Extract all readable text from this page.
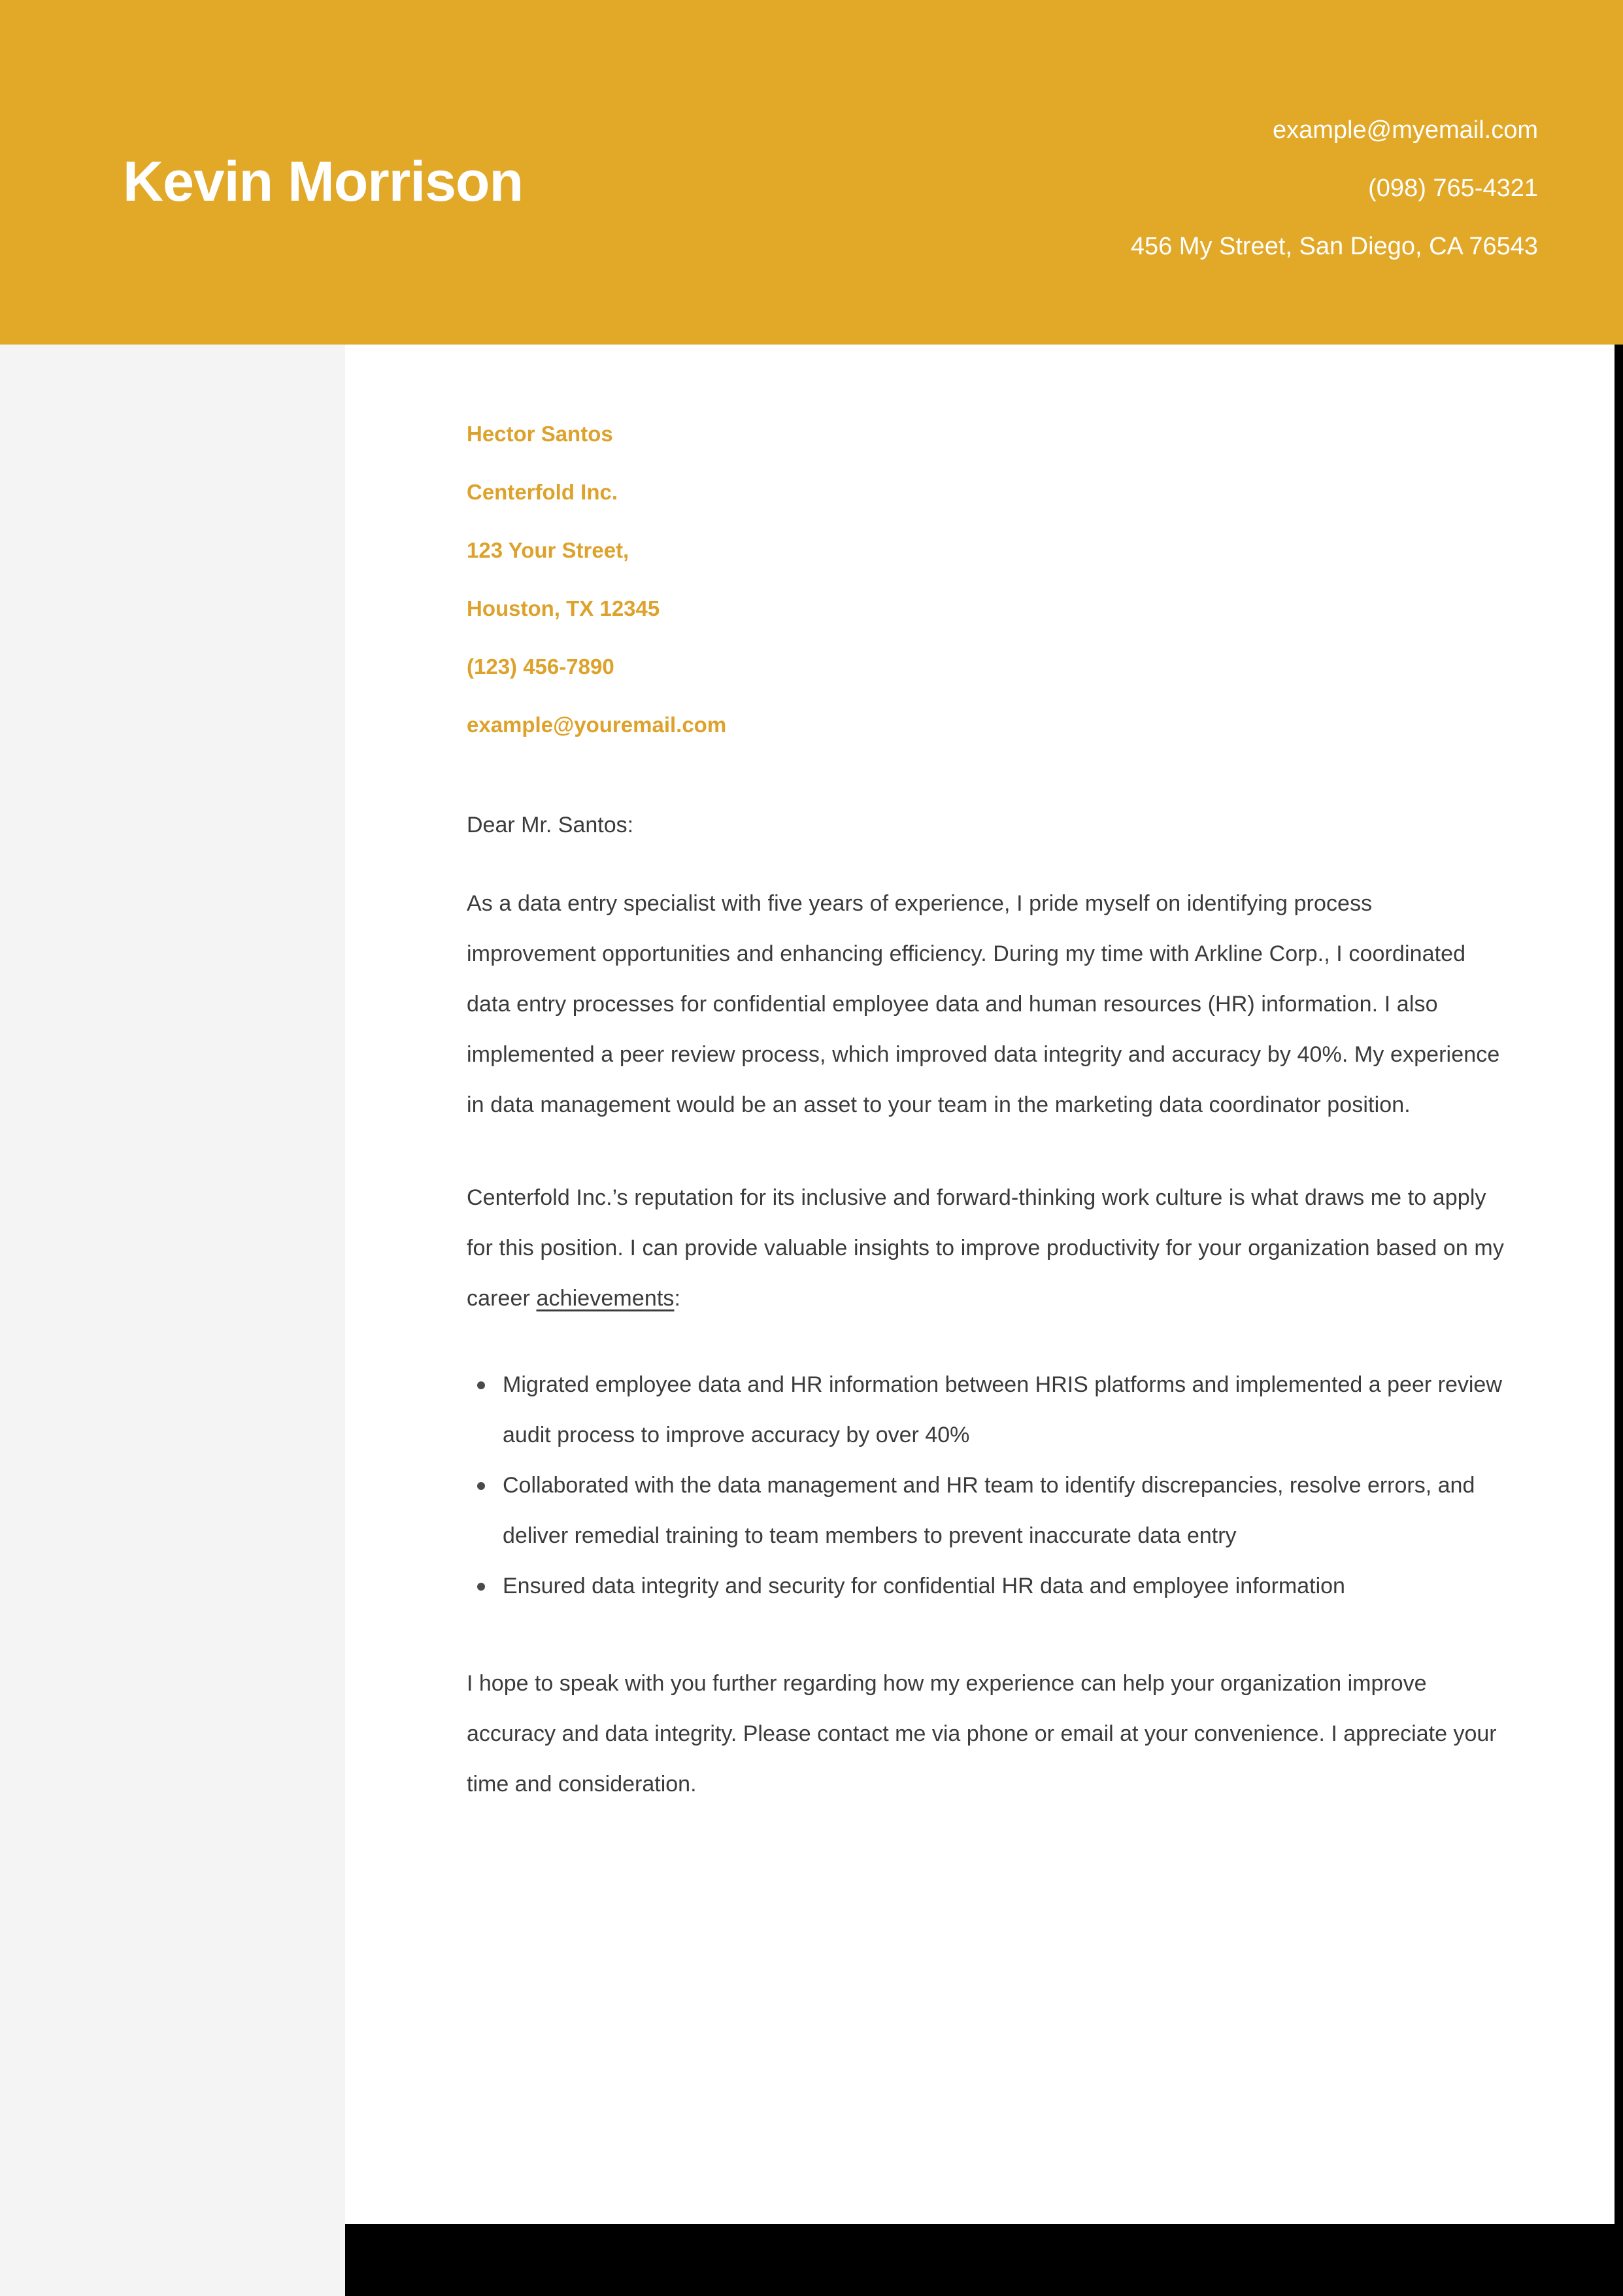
Kevin Morrison
example@myemail.com
(098) 765-4321
456 My Street, San Diego, CA 76543
Hector Santos
Centerfold Inc.
123 Your Street,
Houston, TX 12345
(123) 456-7890
example@youremail.com

Dear Mr. Santos:

As a data entry specialist with five years of experience, I pride myself on identifying process improvement opportunities and enhancing efficiency. During my time with Arkline Corp., I coordinated data entry processes for confidential employee data and human resources (HR) information. I also implemented a peer review process, which improved data integrity and accuracy by 40%. My experience in data management would be an asset to your team in the marketing data coordinator position.

Centerfold Inc.’s reputation for its inclusive and forward-thinking work culture is what draws me to apply for this position. I can provide valuable insights to improve productivity for your organization based on my career achievements:

Migrated employee data and HR information between HRIS platforms and implemented a peer review audit process to improve accuracy by over 40%
Collaborated with the data management and HR team to identify discrepancies, resolve errors, and deliver remedial training to team members to prevent inaccurate data entry
Ensured data integrity and security for confidential HR data and employee information

I hope to speak with you further regarding how my experience can help your organization improve accuracy and data integrity. Please contact me via phone or email at your convenience. I appreciate your time and consideration.
